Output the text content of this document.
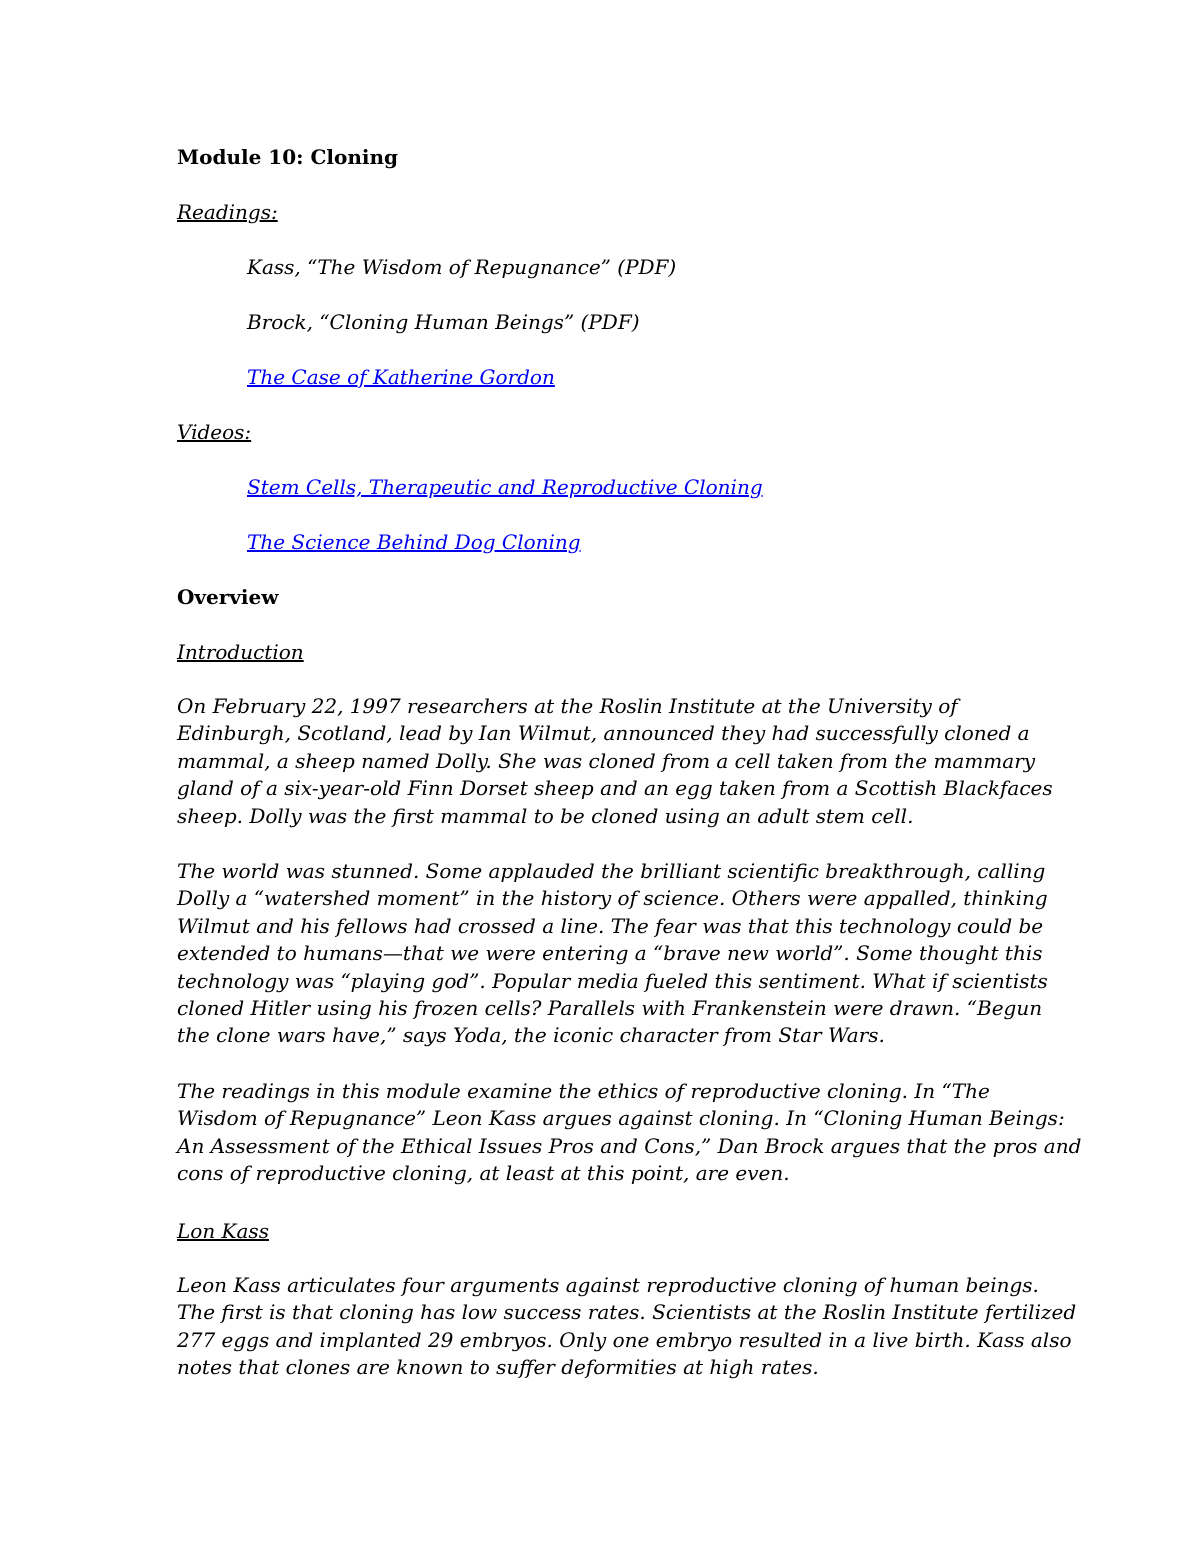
Module 10: Cloning

Readings:

Kass, “The Wisdom of Repugnance” (PDF)

Brock, “Cloning Human Beings” (PDF)

The Case of Katherine Gordon

Videos:

Stem Cells, Therapeutic and Reproductive Cloning

The Science Behind Dog Cloning

Overview

Introduction

On February 22, 1997 researchers at the Roslin Institute at the University of
Edinburgh, Scotland, lead by Ian Wilmut, announced they had successfully cloned a
mammal, a sheep named Dolly. She was cloned from a cell taken from the mammary
gland of a six-year-old Finn Dorset sheep and an egg taken from a Scottish Blackfaces
sheep. Dolly was the first mammal to be cloned using an adult stem cell.
The world was stunned. Some applauded the brilliant scientific breakthrough, calling
Dolly a “watershed moment” in the history of science. Others were appalled, thinking
Wilmut and his fellows had crossed a line. The fear was that this technology could be
extended to humans—that we were entering a “brave new world”. Some thought this
technology was “playing god”. Popular media fueled this sentiment. What if scientists
cloned Hitler using his frozen cells? Parallels with Frankenstein were drawn. “Begun
the clone wars have,” says Yoda, the iconic character from Star Wars.
The readings in this module examine the ethics of reproductive cloning. In “The
Wisdom of Repugnance” Leon Kass argues against cloning. In “Cloning Human Beings:
An Assessment of the Ethical Issues Pros and Cons,” Dan Brock argues that the pros and
cons of reproductive cloning, at least at this point, are even.

Lon Kass

Leon Kass articulates four arguments against reproductive cloning of human beings.
The first is that cloning has low success rates. Scientists at the Roslin Institute fertilized
277 eggs and implanted 29 embryos. Only one embryo resulted in a live birth. Kass also
notes that clones are known to suffer deformities at high rates.
